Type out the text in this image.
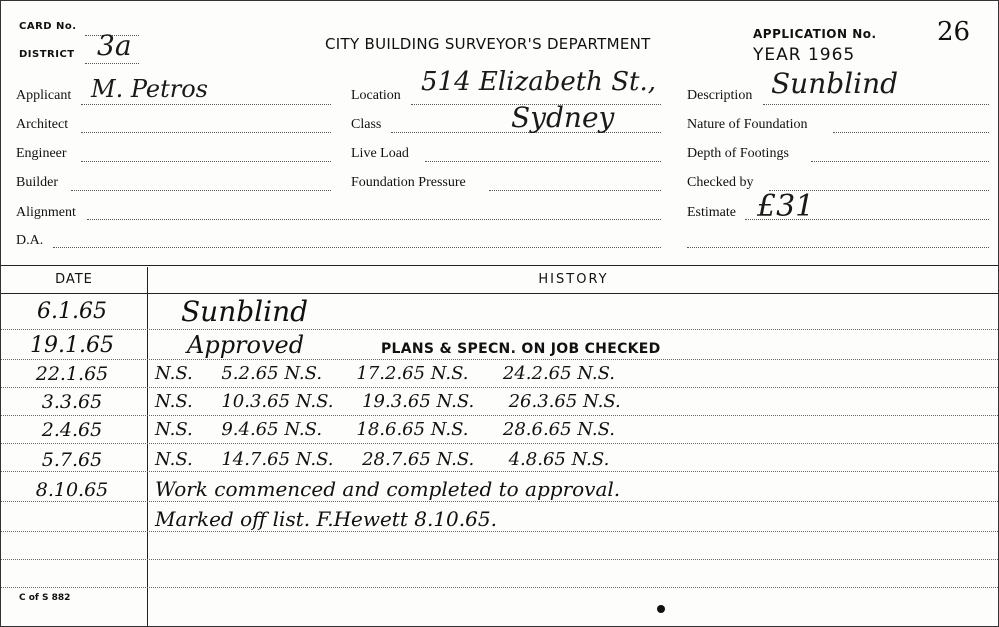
CARD No.
DISTRICT 3a	CITY BUILDING SURVEYOR'S DEPARTMENT
APPLICATION No. 26
YEAR 1965
Applicant M. Petros
Architect
Engineer
Builder
Alignment
D.A.
Location 514 Elizabeth St.,
Class	Sydney
Live Load
Foundation Pressure
Description Sunblind
Nature of Foundation
Depth of Footings
Checked by
Estimate £31
DATE	HISTORY
6.1.65	Sunblind
19.1.65	Approved	PLANS & SPECN. ON JOB CHECKED
22.1.65	N.S.     5.2.65 N.S.      17.2.65 N.S.      24.2.65 N.S.
3.3.65	N.S.     10.3.65 N.S.     19.3.65 N.S.      26.3.65 N.S.
2.4.65	N.S.     9.4.65 N.S.      18.6.65 N.S.      28.6.65 N.S.
5.7.65	N.S.     14.7.65 N.S.     28.7.65 N.S.      4.8.65 N.S.
8.10.65	Work commenced and completed to approval.
Marked off list. F.Hewett 8.10.65.
C of S 882
